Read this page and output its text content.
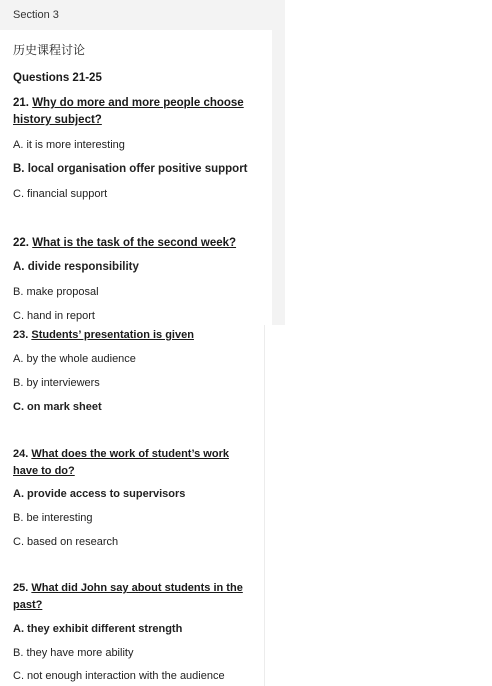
Section 3
历史课程讨论
Questions 21-25
21. Why do more and more people choose history subject?
A. it is more interesting
B. local organisation offer positive support
C. financial support
22. What is the task of the second week?
A. divide responsibility
B. make proposal
C. hand in report
23. Students’ presentation is given
A. by the whole audience
B. by interviewers
C. on mark sheet
24. What does the work of student’s work have to do?
A. provide access to supervisors
B. be interesting
C. based on research
25. What did John say about students in the past?
A. they exhibit different strength
B. they have more ability
C. not enough interaction with the audience
